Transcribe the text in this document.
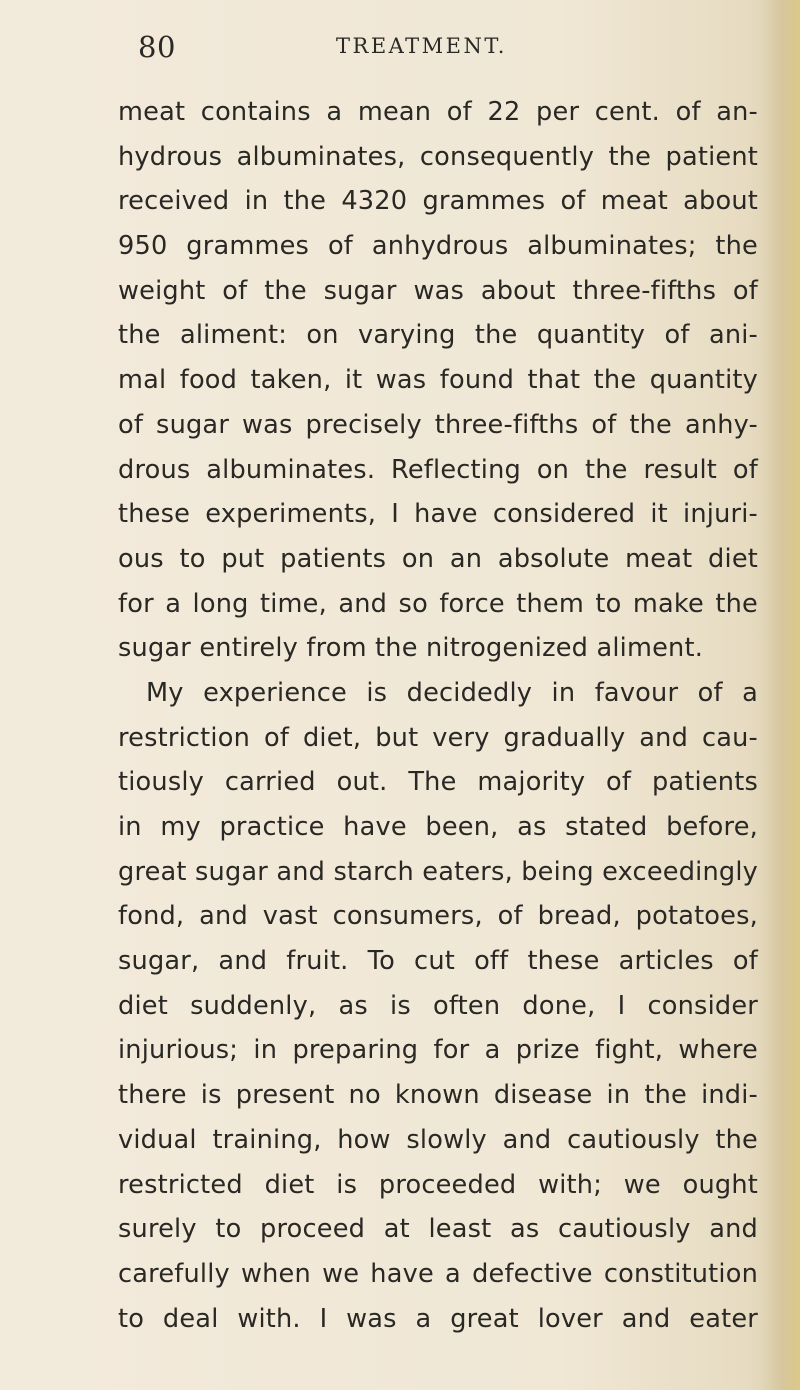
80	TREATMENT.
meat contains a mean of 22 per cent. of an-
hydrous albuminates, consequently the patient
received in the 4320 grammes of meat about
950 grammes of anhydrous albuminates; the
weight of the sugar was about three-fifths of
the aliment: on varying the quantity of ani-
mal food taken, it was found that the quantity
of sugar was precisely three-fifths of the anhy-
drous albuminates. Reflecting on the result of
these experiments, I have considered it injuri-
ous to put patients on an absolute meat diet
for a long time, and so force them to make the
sugar entirely from the nitrogenized aliment.
My experience is decidedly in favour of a
restriction of diet, but very gradually and cau-
tiously carried out. The majority of patients
in my practice have been, as stated before,
great sugar and starch eaters, being exceedingly
fond, and vast consumers, of bread, potatoes,
sugar, and fruit. To cut off these articles of
diet suddenly, as is often done, I consider
injurious; in preparing for a prize fight, where
there is present no known disease in the indi-
vidual training, how slowly and cautiously the
restricted diet is proceeded with; we ought
surely to proceed at least as cautiously and
carefully when we have a defective constitution
to deal with. I was a great lover and eater
